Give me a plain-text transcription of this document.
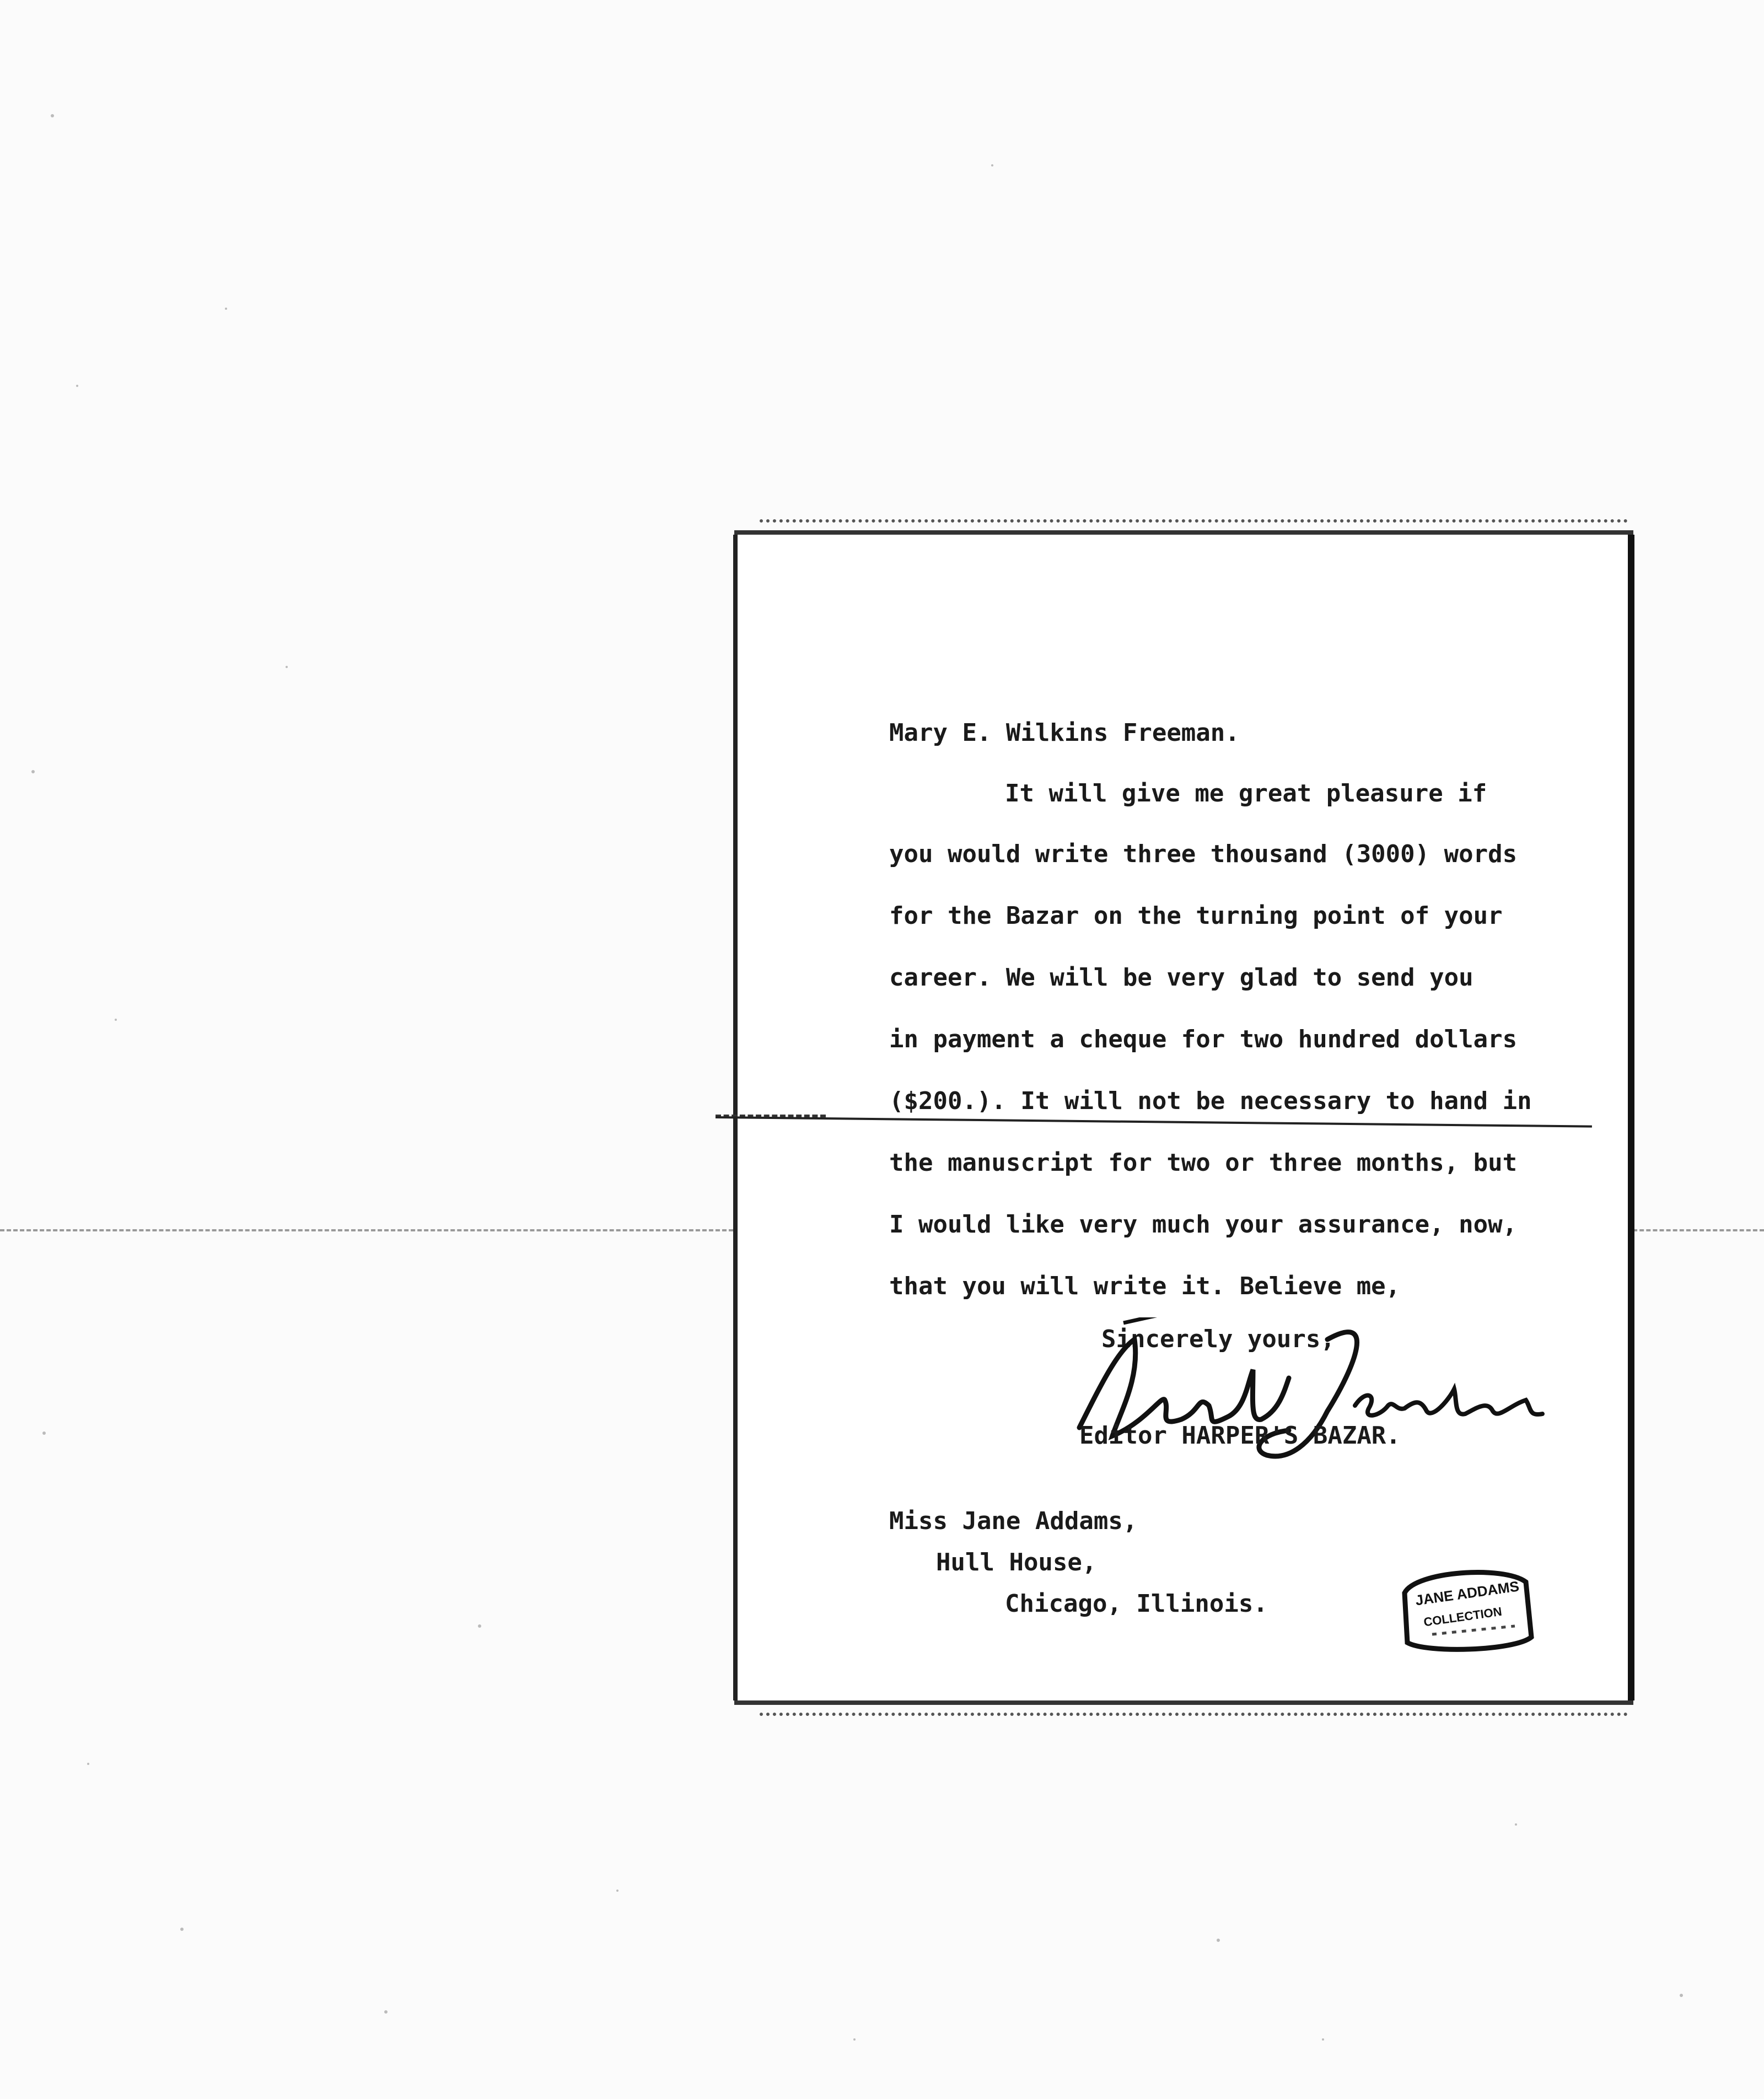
Mary E. Wilkins Freeman.
It will give me great pleasure if
you would write three thousand (3000) words
for the Bazar on the turning point of your
career. We will be very glad to send you
in payment a cheque for two hundred dollars
($200.). It will not be necessary to hand in
the manuscript for two or three months, but
I would like very much your assurance, now,
that you will write it. Believe me,
Sincerely yours,
Editor HARPER'S BAZAR.
Miss Jane Addams,
Hull House,
Chicago, Illinois.	JANE ADDAMS
COLLECTION
